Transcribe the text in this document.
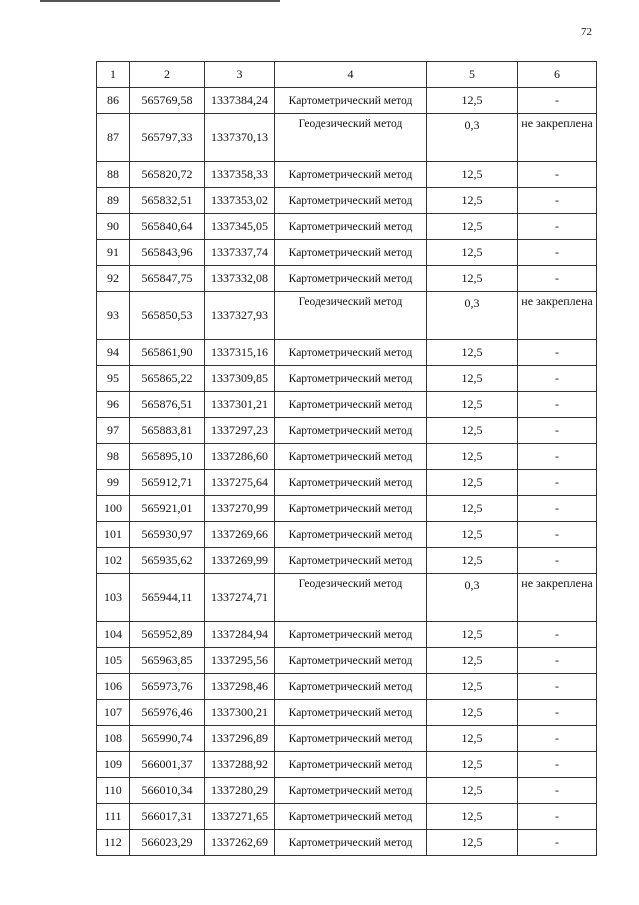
72
1	2	3	4	5	6
86	565769,58	1337384,24	Картометрический метод	12,5	-
87	565797,33	1337370,13	Геодезический метод	0,3	не закреплена
88	565820,72	1337358,33	Картометрический метод	12,5	-
89	565832,51	1337353,02	Картометрический метод	12,5	-
90	565840,64	1337345,05	Картометрический метод	12,5	-
91	565843,96	1337337,74	Картометрический метод	12,5	-
92	565847,75	1337332,08	Картометрический метод	12,5	-
93	565850,53	1337327,93	Геодезический метод	0,3	не закреплена
94	565861,90	1337315,16	Картометрический метод	12,5	-
95	565865,22	1337309,85	Картометрический метод	12,5	-
96	565876,51	1337301,21	Картометрический метод	12,5	-
97	565883,81	1337297,23	Картометрический метод	12,5	-
98	565895,10	1337286,60	Картометрический метод	12,5	-
99	565912,71	1337275,64	Картометрический метод	12,5	-
100	565921,01	1337270,99	Картометрический метод	12,5	-
101	565930,97	1337269,66	Картометрический метод	12,5	-
102	565935,62	1337269,99	Картометрический метод	12,5	-
103	565944,11	1337274,71	Геодезический метод	0,3	не закреплена
104	565952,89	1337284,94	Картометрический метод	12,5	-
105	565963,85	1337295,56	Картометрический метод	12,5	-
106	565973,76	1337298,46	Картометрический метод	12,5	-
107	565976,46	1337300,21	Картометрический метод	12,5	-
108	565990,74	1337296,89	Картометрический метод	12,5	-
109	566001,37	1337288,92	Картометрический метод	12,5	-
110	566010,34	1337280,29	Картометрический метод	12,5	-
111	566017,31	1337271,65	Картометрический метод	12,5	-
112	566023,29	1337262,69	Картометрический метод	12,5	-
